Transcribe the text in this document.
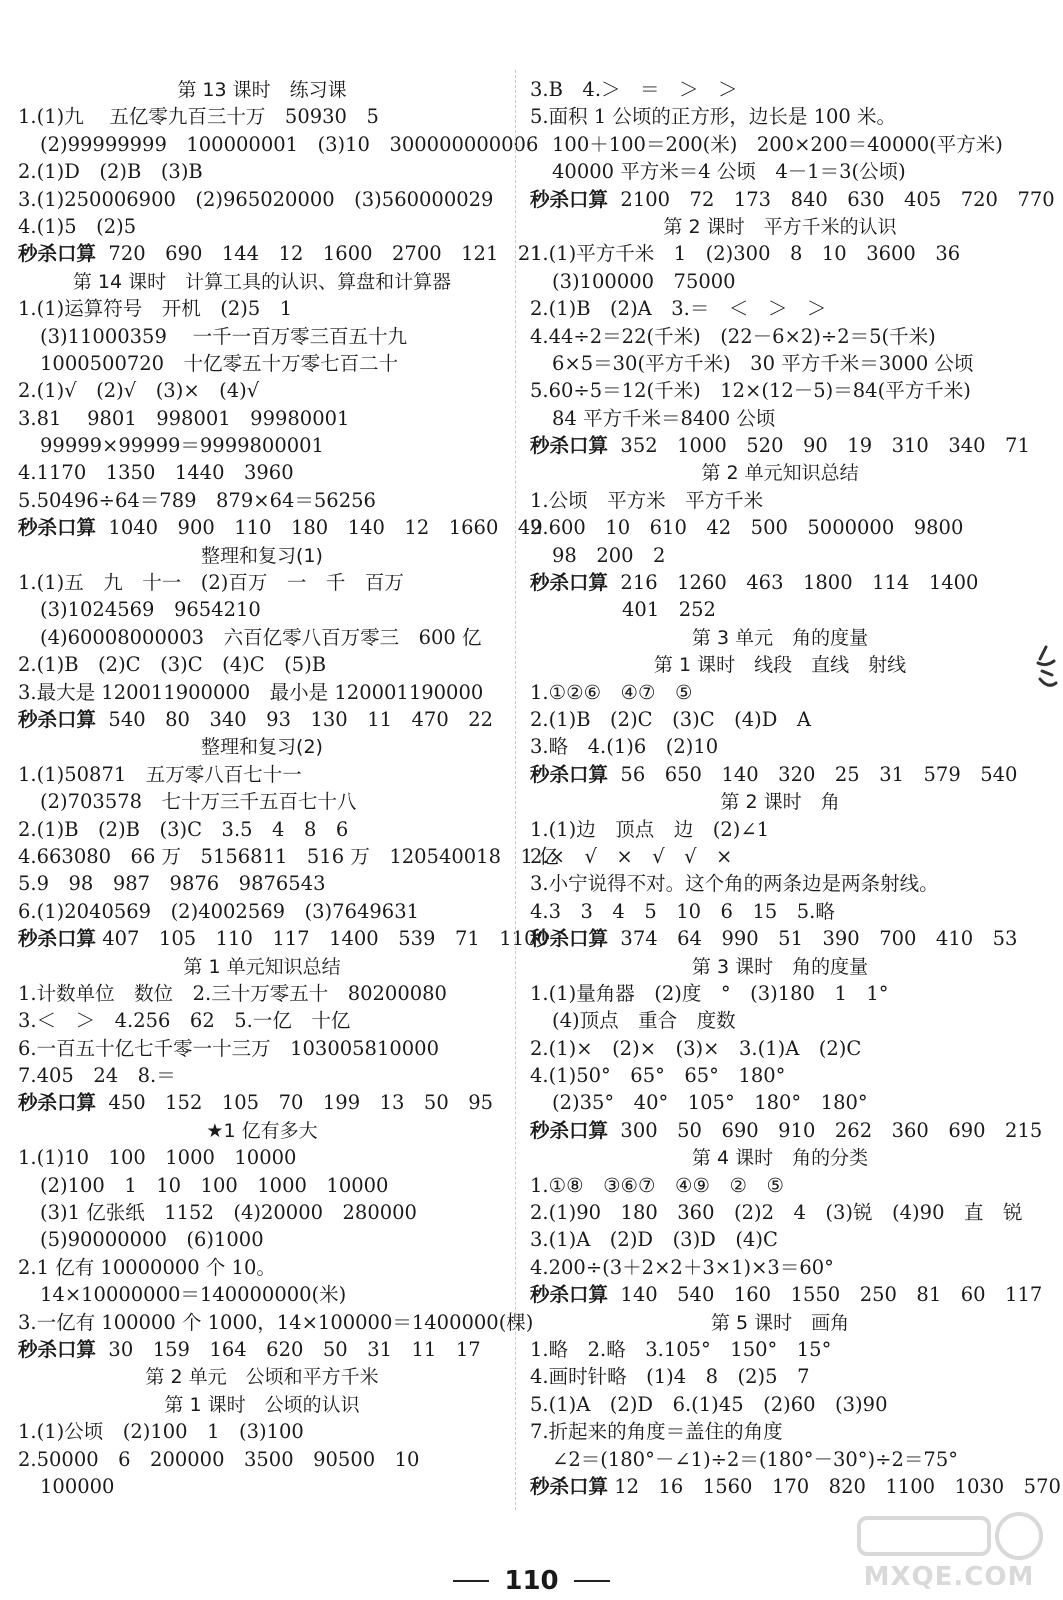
第 13 课时　练习课
1.(1)九　 五亿零九百三十万　50930　5
(2)99999999　100000001　(3)10　300000000006
2.(1)D　(2)B　(3)B
3.(1)250006900　(2)965020000　(3)560000029
4.(1)5　(2)5
秒杀口算  720　690　144　12　1600　2700　121　21
第 14 课时　计算工具的认识、算盘和计算器
1.(1)运算符号　开机　(2)5　1
(3)11000359　 一千一百万零三百五十九
1000500720　十亿零五十万零七百二十
2.(1)√　(2)√　(3)×　(4)√
3.81　 9801　998001　99980001
99999×99999＝9999800001
4.1170　1350　1440　3960
5.50496÷64＝789　879×64＝56256
秒杀口算  1040　900　110　180　140　12　1660　49
整理和复习(1)
1.(1)五　九　十一　(2)百万　一　千　百万
(3)1024569　9654210
(4)60008000003　六百亿零八百万零三　600 亿
2.(1)B　(2)C　(3)C　(4)C　(5)B
3.最大是 120011900000　最小是 120001190000
秒杀口算  540　80　340　93　130　11　470　22
整理和复习(2)
1.(1)50871　五万零八百七十一
(2)703578　七十万三千五百七十八
2.(1)B　(2)B　(3)C　3.5　4　8　6
4.663080　66 万　5156811　516 万　120540018　1 亿
5.9　98　987　9876　9876543
6.(1)2040569　(2)4002569　(3)7649631
秒杀口算 407　105　110　117　1400　539　71　1100
第 1 单元知识总结
1.计数单位　数位　2.三十万零五十　80200080
3.＜　＞　4.256　62　5.一亿　十亿
6.一百五十亿七千零一十三万　103005810000
7.405　24　8.＝
秒杀口算  450　152　105　70　199　13　50　95
★1 亿有多大
1.(1)10　100　1000　10000
(2)100　1　10　100　1000　10000
(3)1 亿张纸　1152　(4)20000　280000
(5)90000000　(6)1000
2.1 亿有 10000000 个 10。
14×10000000＝140000000(米)
3.一亿有 100000 个 1000，14×100000＝1400000(棵)
秒杀口算  30　159　164　620　50　31　11　17
第 2 单元　公顷和平方千米
第 1 课时　公顷的认识
1.(1)公顷　(2)100　1　(3)100
2.50000　6　200000　3500　90500　10
100000
3.B　4.＞　＝　＞　＞
5.面积 1 公顷的正方形，边长是 100 米。
100＋100＝200(米)　200×200＝40000(平方米)
40000 平方米＝4 公顷　4－1＝3(公顷)
秒杀口算  2100　72　173　840　630　405　720　770
第 2 课时　平方千米的认识
1.(1)平方千米　1　(2)300　8　10　3600　36
(3)100000　75000
2.(1)B　(2)A　3.＝　＜　＞　＞
4.44÷2＝22(千米)　(22－6×2)÷2＝5(千米)
6×5＝30(平方千米)　30 平方千米＝3000 公顷
5.60÷5＝12(千米)　12×(12－5)＝84(平方千米)
84 平方千米＝8400 公顷
秒杀口算  352　1000　520　90　19　310　340　71
第 2 单元知识总结
1.公顷　平方米　平方千米
2.600　10　610　42　500　5000000　9800
98　200　2
秒杀口算  216　1260　463　1800　114　1400
401　252
第 3 单元　角的度量
第 1 课时　线段　直线　射线
1.①②⑥　④⑦　⑤
2.(1)B　(2)C　(3)C　(4)D　A
3.略　4.(1)6　(2)10
秒杀口算  56　650　140　320　25　31　579　540
第 2 课时　角
1.(1)边　顶点　边　(2)∠1
2.×　√　×　√　√　×
3.小宁说得不对。这个角的两条边是两条射线。
4.3　3　4　5　10　6　15　5.略
秒杀口算  374　64　990　51　390　700　410　53
第 3 课时　角的度量
1.(1)量角器　(2)度　°　(3)180　1　1°
(4)顶点　重合　度数
2.(1)×　(2)×　(3)×　3.(1)A　(2)C
4.(1)50°　65°　65°　180°
(2)35°　40°　105°　180°　180°
秒杀口算  300　50　690　910　262　360　690　215
第 4 课时　角的分类
1.①⑧　③⑥⑦　④⑨　②　⑤
2.(1)90　180　360　(2)2　4　(3)锐　(4)90　直　锐
3.(1)A　(2)D　(3)D　(4)C
4.200÷(3＋2×2＋3×1)×3＝60°
秒杀口算  140　540　160　1550　250　81　60　117
第 5 课时　画角
1.略　2.略　3.105°　150°　15°
4.画时针略　(1)4　8　(2)5　7
5.(1)A　(2)D　6.(1)45　(2)60　(3)90
7.折起来的角度＝盖住的角度
∠2＝(180°－∠1)÷2＝(180°－30°)÷2＝75°
秒杀口算 12　16　1560　170　820　1100　1030　570
110	MXQE.COM
